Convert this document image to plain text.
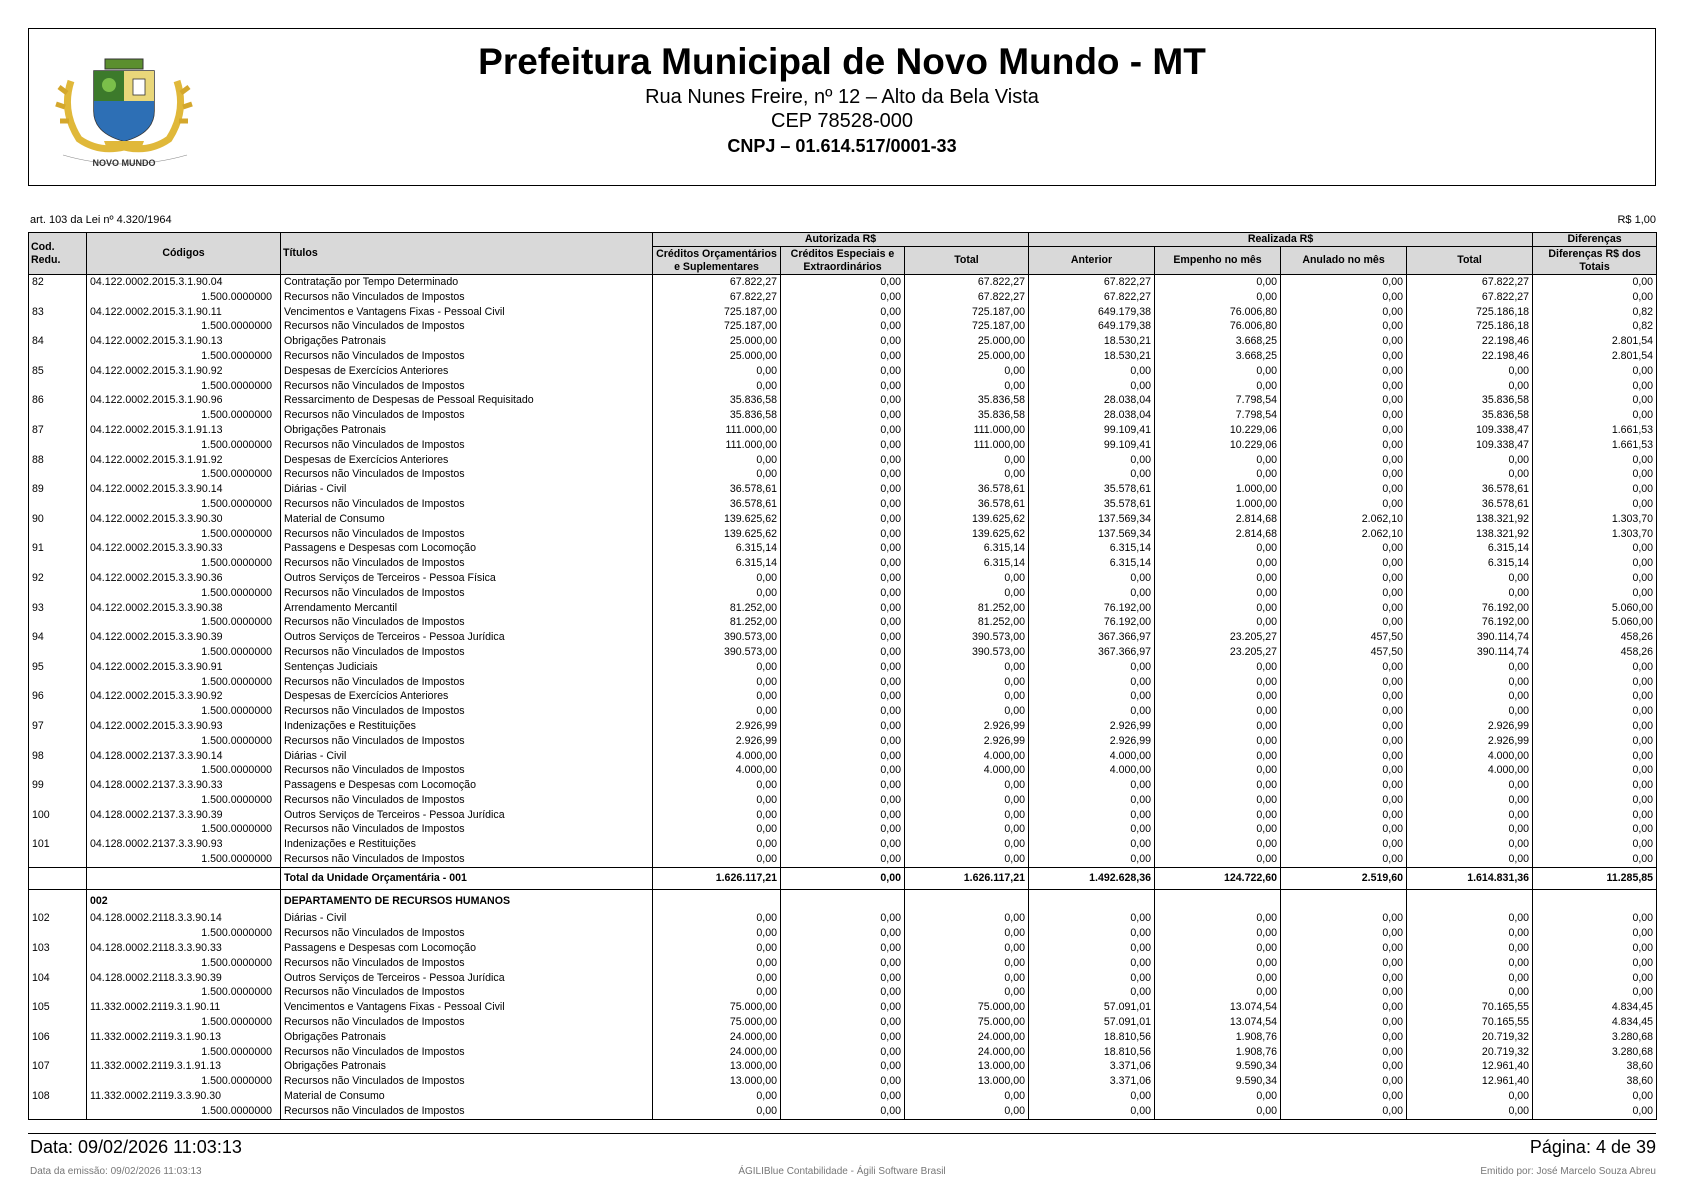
NOVO MUNDO
Prefeitura Municipal de Novo Mundo - MT
Rua Nunes Freire, nº 12 – Alto da Bela Vista
CEP 78528-000
CNPJ – 01.614.517/0001-33
art. 103 da Lei nº 4.320/1964	R$ 1,00
Cod. Redu.	Códigos	Títulos	Autorizada R$			Realizada R$				Diferenças
			Créditos Orçamentários e Suplementares	Créditos Especiais e Extraordinários	Total	Anterior	Empenho no mês	Anulado no mês	Total	Diferenças R$ dos Totais
82	04.122.0002.2015.3.1.90.04	Contratação por Tempo Determinado	67.822,27	0,00	67.822,27	67.822,27	0,00	0,00	67.822,27	0,00
	1.500.0000000	Recursos não Vinculados de Impostos	67.822,27	0,00	67.822,27	67.822,27	0,00	0,00	67.822,27	0,00
83	04.122.0002.2015.3.1.90.11	Vencimentos e Vantagens Fixas - Pessoal Civil	725.187,00	0,00	725.187,00	649.179,38	76.006,80	0,00	725.186,18	0,82
	1.500.0000000	Recursos não Vinculados de Impostos	725.187,00	0,00	725.187,00	649.179,38	76.006,80	0,00	725.186,18	0,82
84	04.122.0002.2015.3.1.90.13	Obrigações Patronais	25.000,00	0,00	25.000,00	18.530,21	3.668,25	0,00	22.198,46	2.801,54
	1.500.0000000	Recursos não Vinculados de Impostos	25.000,00	0,00	25.000,00	18.530,21	3.668,25	0,00	22.198,46	2.801,54
85	04.122.0002.2015.3.1.90.92	Despesas de Exercícios Anteriores	0,00	0,00	0,00	0,00	0,00	0,00	0,00	0,00
	1.500.0000000	Recursos não Vinculados de Impostos	0,00	0,00	0,00	0,00	0,00	0,00	0,00	0,00
86	04.122.0002.2015.3.1.90.96	Ressarcimento de Despesas de Pessoal Requisitado	35.836,58	0,00	35.836,58	28.038,04	7.798,54	0,00	35.836,58	0,00
	1.500.0000000	Recursos não Vinculados de Impostos	35.836,58	0,00	35.836,58	28.038,04	7.798,54	0,00	35.836,58	0,00
87	04.122.0002.2015.3.1.91.13	Obrigações Patronais	111.000,00	0,00	111.000,00	99.109,41	10.229,06	0,00	109.338,47	1.661,53
	1.500.0000000	Recursos não Vinculados de Impostos	111.000,00	0,00	111.000,00	99.109,41	10.229,06	0,00	109.338,47	1.661,53
88	04.122.0002.2015.3.1.91.92	Despesas de Exercícios Anteriores	0,00	0,00	0,00	0,00	0,00	0,00	0,00	0,00
	1.500.0000000	Recursos não Vinculados de Impostos	0,00	0,00	0,00	0,00	0,00	0,00	0,00	0,00
89	04.122.0002.2015.3.3.90.14	Diárias - Civil	36.578,61	0,00	36.578,61	35.578,61	1.000,00	0,00	36.578,61	0,00
	1.500.0000000	Recursos não Vinculados de Impostos	36.578,61	0,00	36.578,61	35.578,61	1.000,00	0,00	36.578,61	0,00
90	04.122.0002.2015.3.3.90.30	Material de Consumo	139.625,62	0,00	139.625,62	137.569,34	2.814,68	2.062,10	138.321,92	1.303,70
	1.500.0000000	Recursos não Vinculados de Impostos	139.625,62	0,00	139.625,62	137.569,34	2.814,68	2.062,10	138.321,92	1.303,70
91	04.122.0002.2015.3.3.90.33	Passagens e Despesas com Locomoção	6.315,14	0,00	6.315,14	6.315,14	0,00	0,00	6.315,14	0,00
	1.500.0000000	Recursos não Vinculados de Impostos	6.315,14	0,00	6.315,14	6.315,14	0,00	0,00	6.315,14	0,00
92	04.122.0002.2015.3.3.90.36	Outros Serviços de Terceiros - Pessoa Física	0,00	0,00	0,00	0,00	0,00	0,00	0,00	0,00
	1.500.0000000	Recursos não Vinculados de Impostos	0,00	0,00	0,00	0,00	0,00	0,00	0,00	0,00
93	04.122.0002.2015.3.3.90.38	Arrendamento Mercantil	81.252,00	0,00	81.252,00	76.192,00	0,00	0,00	76.192,00	5.060,00
	1.500.0000000	Recursos não Vinculados de Impostos	81.252,00	0,00	81.252,00	76.192,00	0,00	0,00	76.192,00	5.060,00
94	04.122.0002.2015.3.3.90.39	Outros Serviços de Terceiros - Pessoa Jurídica	390.573,00	0,00	390.573,00	367.366,97	23.205,27	457,50	390.114,74	458,26
	1.500.0000000	Recursos não Vinculados de Impostos	390.573,00	0,00	390.573,00	367.366,97	23.205,27	457,50	390.114,74	458,26
95	04.122.0002.2015.3.3.90.91	Sentenças Judiciais	0,00	0,00	0,00	0,00	0,00	0,00	0,00	0,00
	1.500.0000000	Recursos não Vinculados de Impostos	0,00	0,00	0,00	0,00	0,00	0,00	0,00	0,00
96	04.122.0002.2015.3.3.90.92	Despesas de Exercícios Anteriores	0,00	0,00	0,00	0,00	0,00	0,00	0,00	0,00
	1.500.0000000	Recursos não Vinculados de Impostos	0,00	0,00	0,00	0,00	0,00	0,00	0,00	0,00
97	04.122.0002.2015.3.3.90.93	Indenizações e Restituições	2.926,99	0,00	2.926,99	2.926,99	0,00	0,00	2.926,99	0,00
	1.500.0000000	Recursos não Vinculados de Impostos	2.926,99	0,00	2.926,99	2.926,99	0,00	0,00	2.926,99	0,00
98	04.128.0002.2137.3.3.90.14	Diárias - Civil	4.000,00	0,00	4.000,00	4.000,00	0,00	0,00	4.000,00	0,00
	1.500.0000000	Recursos não Vinculados de Impostos	4.000,00	0,00	4.000,00	4.000,00	0,00	0,00	4.000,00	0,00
99	04.128.0002.2137.3.3.90.33	Passagens e Despesas com Locomoção	0,00	0,00	0,00	0,00	0,00	0,00	0,00	0,00
	1.500.0000000	Recursos não Vinculados de Impostos	0,00	0,00	0,00	0,00	0,00	0,00	0,00	0,00
100	04.128.0002.2137.3.3.90.39	Outros Serviços de Terceiros - Pessoa Jurídica	0,00	0,00	0,00	0,00	0,00	0,00	0,00	0,00
	1.500.0000000	Recursos não Vinculados de Impostos	0,00	0,00	0,00	0,00	0,00	0,00	0,00	0,00
101	04.128.0002.2137.3.3.90.93	Indenizações e Restituições	0,00	0,00	0,00	0,00	0,00	0,00	0,00	0,00
	1.500.0000000	Recursos não Vinculados de Impostos	0,00	0,00	0,00	0,00	0,00	0,00	0,00	0,00
		Total da Unidade Orçamentária - 001	1.626.117,21	0,00	1.626.117,21	1.492.628,36	124.722,60	2.519,60	1.614.831,36	11.285,85
	002	DEPARTAMENTO DE RECURSOS HUMANOS								
102	04.128.0002.2118.3.3.90.14	Diárias - Civil	0,00	0,00	0,00	0,00	0,00	0,00	0,00	0,00
	1.500.0000000	Recursos não Vinculados de Impostos	0,00	0,00	0,00	0,00	0,00	0,00	0,00	0,00
103	04.128.0002.2118.3.3.90.33	Passagens e Despesas com Locomoção	0,00	0,00	0,00	0,00	0,00	0,00	0,00	0,00
	1.500.0000000	Recursos não Vinculados de Impostos	0,00	0,00	0,00	0,00	0,00	0,00	0,00	0,00
104	04.128.0002.2118.3.3.90.39	Outros Serviços de Terceiros - Pessoa Jurídica	0,00	0,00	0,00	0,00	0,00	0,00	0,00	0,00
	1.500.0000000	Recursos não Vinculados de Impostos	0,00	0,00	0,00	0,00	0,00	0,00	0,00	0,00
105	11.332.0002.2119.3.1.90.11	Vencimentos e Vantagens Fixas - Pessoal Civil	75.000,00	0,00	75.000,00	57.091,01	13.074,54	0,00	70.165,55	4.834,45
	1.500.0000000	Recursos não Vinculados de Impostos	75.000,00	0,00	75.000,00	57.091,01	13.074,54	0,00	70.165,55	4.834,45
106	11.332.0002.2119.3.1.90.13	Obrigações Patronais	24.000,00	0,00	24.000,00	18.810,56	1.908,76	0,00	20.719,32	3.280,68
	1.500.0000000	Recursos não Vinculados de Impostos	24.000,00	0,00	24.000,00	18.810,56	1.908,76	0,00	20.719,32	3.280,68
107	11.332.0002.2119.3.1.91.13	Obrigações Patronais	13.000,00	0,00	13.000,00	3.371,06	9.590,34	0,00	12.961,40	38,60
	1.500.0000000	Recursos não Vinculados de Impostos	13.000,00	0,00	13.000,00	3.371,06	9.590,34	0,00	12.961,40	38,60
108	11.332.0002.2119.3.3.90.30	Material de Consumo	0,00	0,00	0,00	0,00	0,00	0,00	0,00	0,00
	1.500.0000000	Recursos não Vinculados de Impostos	0,00	0,00	0,00	0,00	0,00	0,00	0,00	0,00
Data: 09/02/2026 11:03:13	Página: 4 de 39
Data da emissão: 09/02/2026 11:03:13	ÁGILIBlue Contabilidade - Ágili Software Brasil	Emitido por: José Marcelo Souza Abreu
